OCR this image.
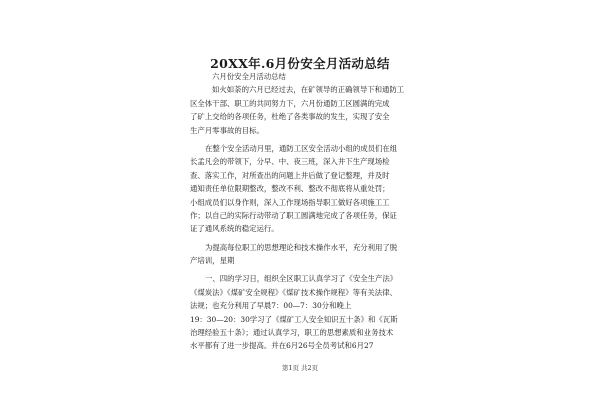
20XX年.6月份安全月活动总结
六月份安全月活动总结
如火如荼的六月已经过去，在矿领导的正确领导下和通防工
区全体干部、职工的共同努力下，六月份通防工区圆满的完成
了矿上交给的各项任务，杜绝了各类事故的发生，实现了安全
生产月零事故的目标。
在整个安全活动月里，通防工区安全活动小组的成员们在组
长孟凡会的带领下，分早、中、夜三班，深入井下生产现场检
查、落实工作，对所查出的问题上井后做了登记整理，并及时
通知责任单位限期整改，整改不利、整改不彻底将从重处罚；
小组成员们以身作则，深入工作现场指导职工做好各项施工工
作；以自己的实际行动带动了职工圆满地完成了各项任务，保证
证了通风系统的稳定运行。
为提高每位职工的思想理论和技术操作水平，充分利用了脱
产培训，星期
一、四的学习日，组织全区职工认真学习了《安全生产法》
《煤炭法》《煤矿安全规程》《煤矿技术操作规程》等有关法律、
法规；也充分利用了早晨7：00—7：30分和晚上
19：30—20：30学习了《煤矿工人安全知识五十条》和《瓦斯
治理经验五十条》；通过认真学习，职工的思想素质和业务技术
水平都有了进一步提高。并在6月26号全员考试和6月27
第1页 共2页
